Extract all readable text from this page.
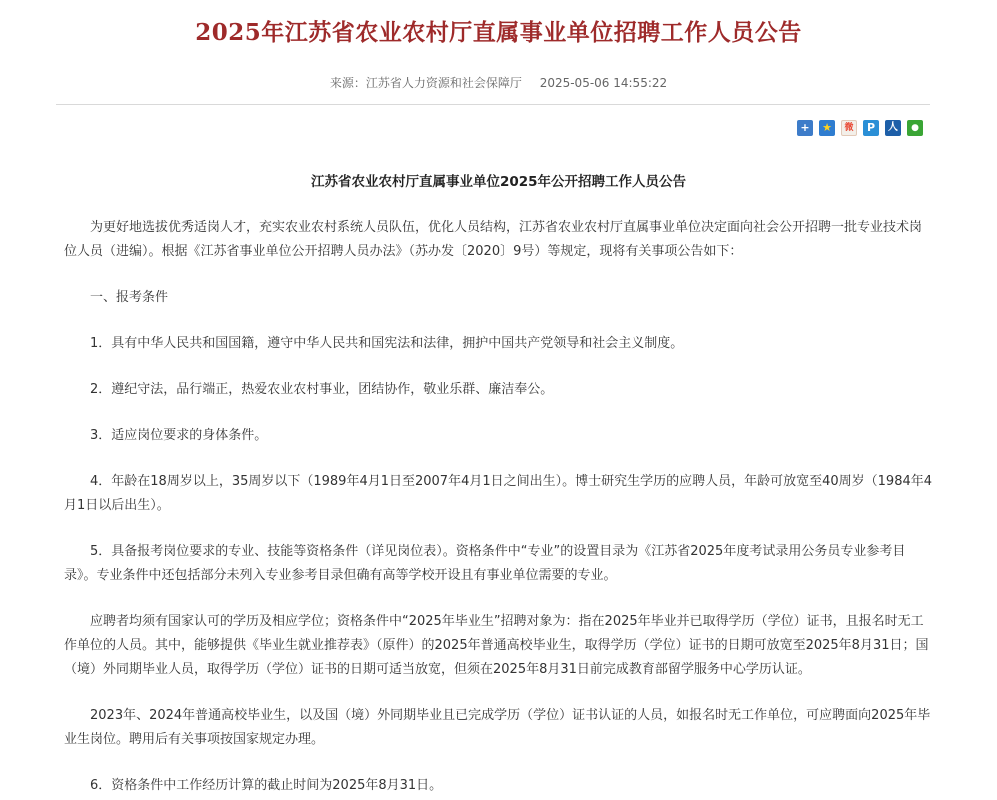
2025年江苏省农业农村厅直属事业单位招聘工作人员公告
来源：江苏省人力资源和社会保障厅 2025-05-06 14:55:22
+ ★ 微 P 人 ●
江苏省农业农村厅直属事业单位2025年公开招聘工作人员公告

为更好地选拔优秀适岗人才，充实农业农村系统人员队伍，优化人员结构，江苏省农业农村厅直属事业单位决定面向社会公开招聘一批专业技术岗位人员（进编）。根据《江苏省事业单位公开招聘人员办法》（苏办发〔2020〕9号）等规定，现将有关事项公告如下：

一、报考条件

1．具有中华人民共和国国籍，遵守中华人民共和国宪法和法律，拥护中国共产党领导和社会主义制度。

2．遵纪守法，品行端正，热爱农业农村事业，团结协作，敬业乐群、廉洁奉公。

3．适应岗位要求的身体条件。

4．年龄在18周岁以上，35周岁以下（1989年4月1日至2007年4月1日之间出生）。博士研究生学历的应聘人员，年龄可放宽至40周岁（1984年4月1日以后出生）。

5．具备报考岗位要求的专业、技能等资格条件（详见岗位表）。资格条件中“专业”的设置目录为《江苏省2025年度考试录用公务员专业参考目录》。专业条件中还包括部分未列入专业参考目录但确有高等学校开设且有事业单位需要的专业。

应聘者均须有国家认可的学历及相应学位；资格条件中“2025年毕业生”招聘对象为：指在2025年毕业并已取得学历（学位）证书，且报名时无工作单位的人员。其中，能够提供《毕业生就业推荐表》（原件）的2025年普通高校毕业生，取得学历（学位）证书的日期可放宽至2025年8月31日；国（境）外同期毕业人员，取得学历（学位）证书的日期可适当放宽，但须在2025年8月31日前完成教育部留学服务中心学历认证。

2023年、2024年普通高校毕业生，以及国（境）外同期毕业且已完成学历（学位）证书认证的人员，如报名时无工作单位，可应聘面向2025年毕业生岗位。聘用后有关事项按国家规定办理。

6．资格条件中工作经历计算的截止时间为2025年8月31日。
